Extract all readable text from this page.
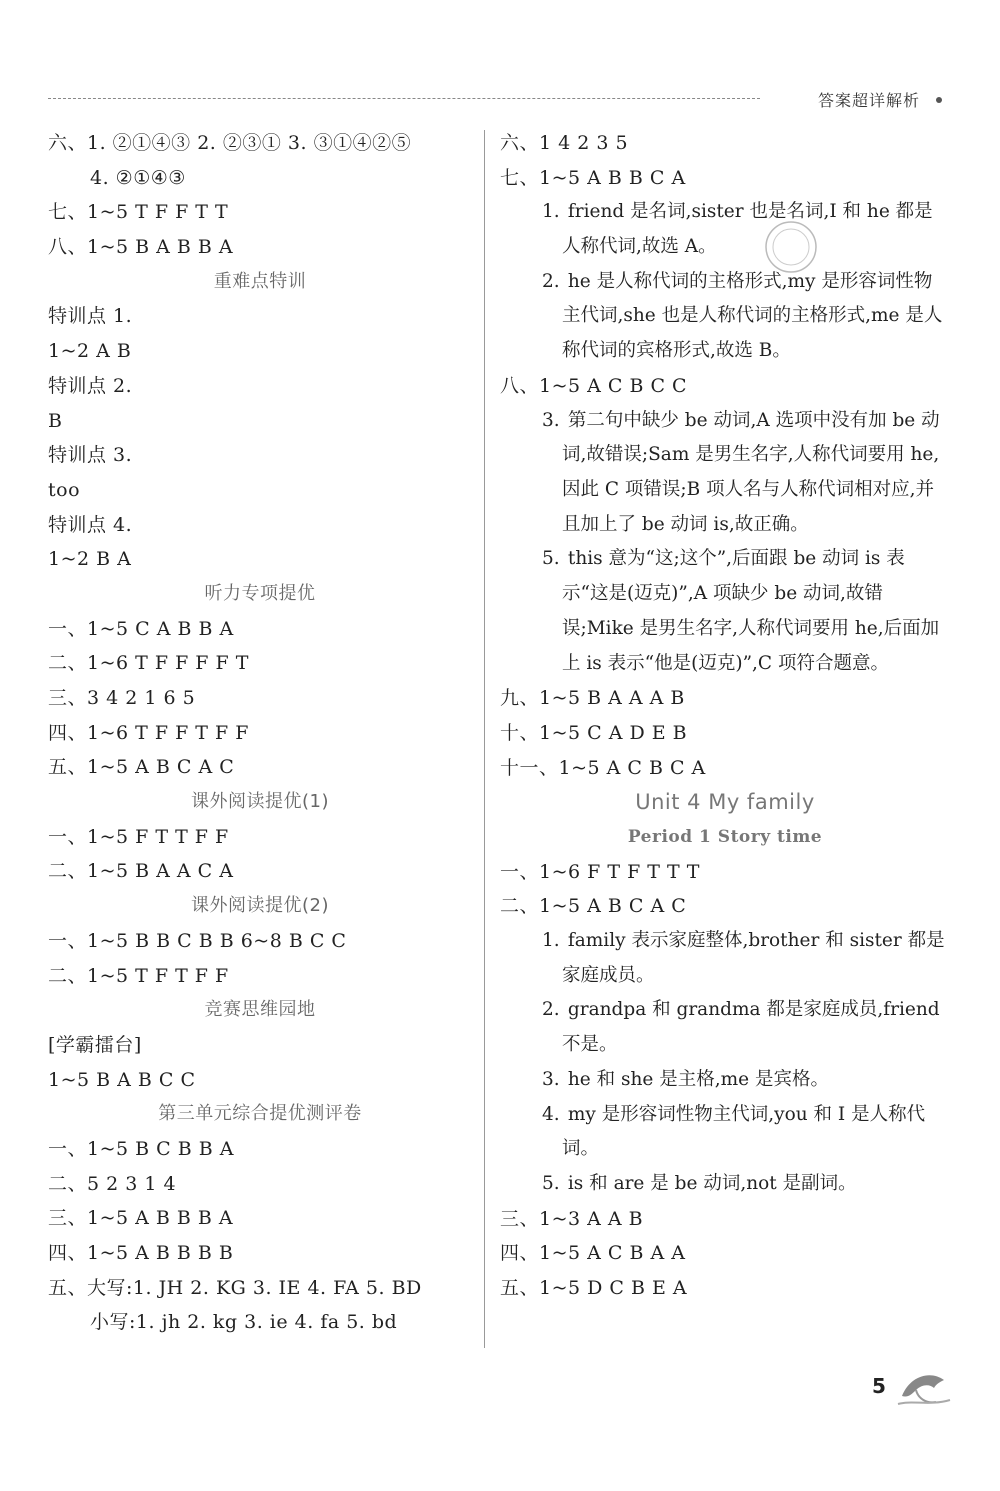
答案超详解析
六、1. ②①④③ 2. ②③① 3. ③①④②⑤
4. ②①④③
七、1~5 T F F T T
八、1~5 B A B B A
重难点特训
特训点 1.
1~2 A B
特训点 2.
B
特训点 3.
too
特训点 4.
1~2 B A
听力专项提优
一、1~5 C A B B A
二、1~6 T F F F F T
三、3 4 2 1 6 5
四、1~6 T F F T F F
五、1~5 A B C A C
课外阅读提优(1)
一、1~5 F T T F F
二、1~5 B A A C A
课外阅读提优(2)
一、1~5 B B C B B 6~8 B C C
二、1~5 T F T F F
竞赛思维园地
[学霸擂台]
1~5 B A B C C
第三单元综合提优测评卷
一、1~5 B C B B A
二、5 2 3 1 4
三、1~5 A B B B A
四、1~5 A B B B B
五、大写:1. JH 2. KG 3. IE 4. FA 5. BD
小写:1. jh 2. kg 3. ie 4. fa 5. bd
六、1 4 2 3 5
七、1~5 A B B C A
1. friend 是名词,sister 也是名词,I 和 he 都是人称代词,故选 A。
2. he 是人称代词的主格形式,my 是形容词性物主代词,she 也是人称代词的主格形式,me 是人称代词的宾格形式,故选 B。
八、1~5 A C B C C
3. 第二句中缺少 be 动词,A 选项中没有加 be 动词,故错误;Sam 是男生名字,人称代词要用 he,因此 C 项错误;B 项人名与人称代词相对应,并且加上了 be 动词 is,故正确。
5. this 意为“这;这个”,后面跟 be 动词 is 表示“这是(迈克)”,A 项缺少 be 动词,故错误;Mike 是男生名字,人称代词要用 he,后面加上 is 表示“他是(迈克)”,C 项符合题意。
九、1~5 B A A A B
十、1~5 C A D E B
十一、1~5 A C B C A
Unit 4 My family
Period 1 Story time
一、1~6 F T F T T T
二、1~5 A B C A C
1. family 表示家庭整体,brother 和 sister 都是家庭成员。
2. grandpa 和 grandma 都是家庭成员,friend 不是。
3. he 和 she 是主格,me 是宾格。
4. my 是形容词性物主代词,you 和 I 是人称代词。
5. is 和 are 是 be 动词,not 是副词。
三、1~3 A A B
四、1~5 A C B A A
五、1~5 D C B E A
5
